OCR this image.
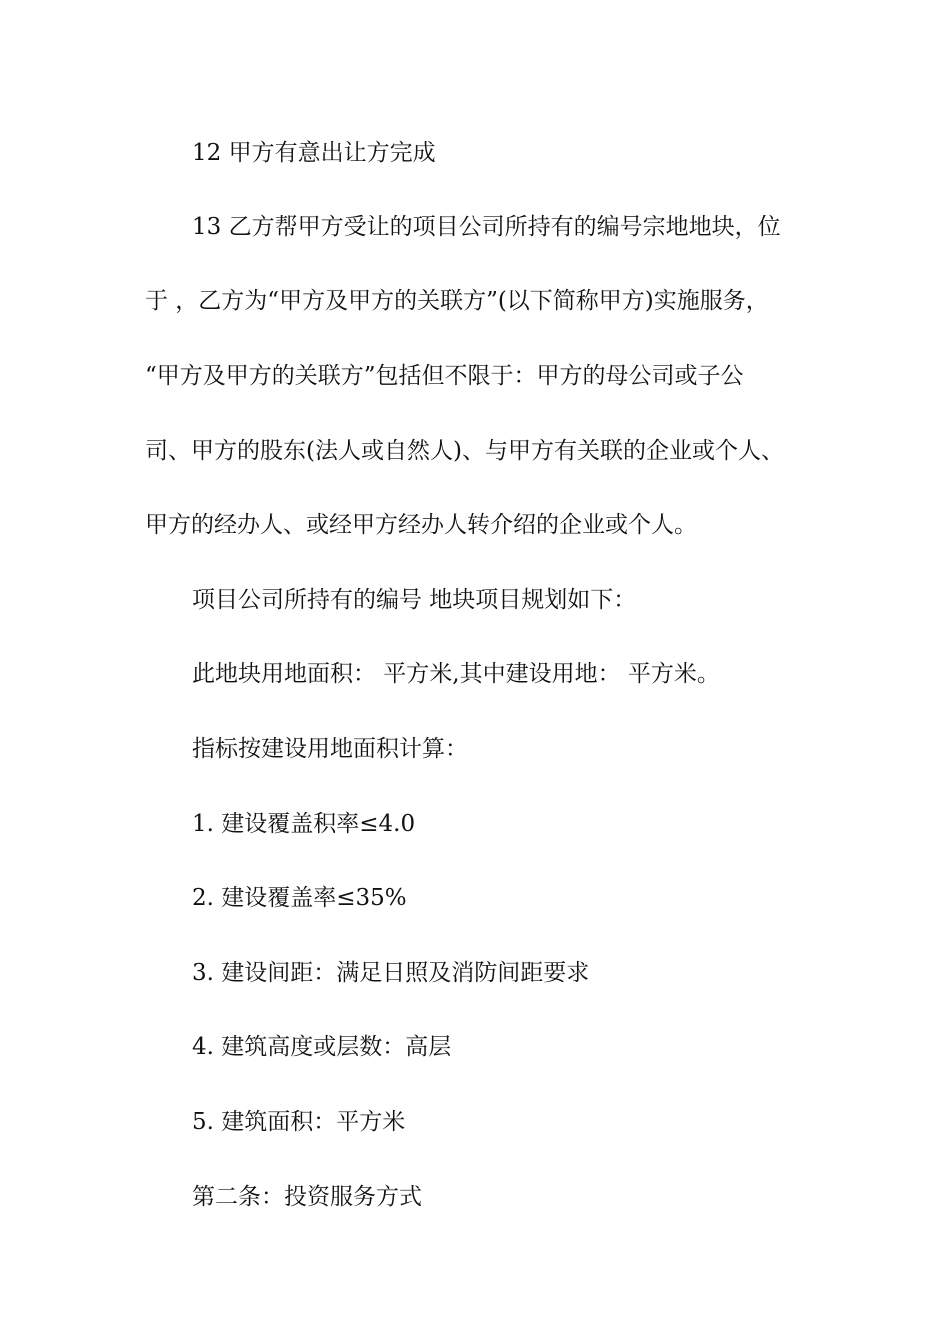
12 甲方有意出让方完成
13 乙方帮甲方受让的项目公司所持有的编号宗地地块，位
于 ，乙方为“甲方及甲方的关联方”(以下简称甲方)实施服务，
“甲方及甲方的关联方”包括但不限于：甲方的母公司或子公
司、甲方的股东(法人或自然人)、与甲方有关联的企业或个人、
甲方的经办人、或经甲方经办人转介绍的企业或个人。
项目公司所持有的编号 地块项目规划如下：
此地块用地面积： 平方米,其中建设用地： 平方米。
指标按建设用地面积计算：
1. 建设覆盖积率≤4.0
2. 建设覆盖率≤35%
3. 建设间距：满足日照及消防间距要求
4. 建筑高度或层数：高层
5. 建筑面积：平方米
第二条：投资服务方式
